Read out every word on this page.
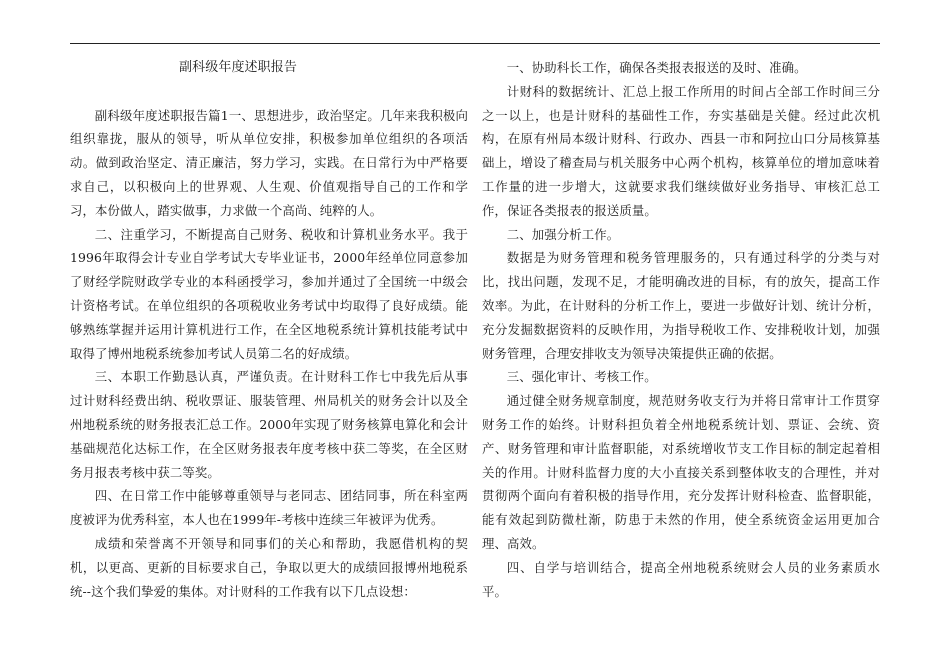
副科级年度述职报告

副科级年度述职报告篇1一、思想进步，政治坚定。几年来我积极向组织靠拢，服从的领导，听从单位安排，积极参加单位组织的各项活动。做到政治坚定、清正廉洁，努力学习，实践。在日常行为中严格要求自己，以积极向上的世界观、人生观、价值观指导自己的工作和学习，本份做人，踏实做事，力求做一个高尚、纯粹的人。

二、注重学习，不断提高自己财务、税收和计算机业务水平。我于1996年取得会计专业自学考试大专毕业证书，2000年经单位同意参加了财经学院财政学专业的本科函授学习，参加并通过了全国统一中级会计资格考试。在单位组织的各项税收业务考试中均取得了良好成绩。能够熟练掌握并运用计算机进行工作，在全区地税系统计算机技能考试中取得了博州地税系统参加考试人员第二名的好成绩。

三、本职工作勤恳认真，严谨负责。在计财科工作七中我先后从事过计财科经费出纳、税收票证、服装管理、州局机关的财务会计以及全州地税系统的财务报表汇总工作。2000年实现了财务核算电算化和会计基础规范化达标工作，在全区财务报表年度考核中获二等奖，在全区财务月报表考核中获二等奖。

四、在日常工作中能够尊重领导与老同志、团结同事，所在科室两度被评为优秀科室，本人也在1999年-考核中连续三年被评为优秀。

成绩和荣誉离不开领导和同事们的关心和帮助，我愿借机构的契机，以更高、更新的目标要求自己，争取以更大的成绩回报博州地税系统--这个我们挚爱的集体。对计财科的工作我有以下几点设想：

一、协助科长工作，确保各类报表报送的及时、准确。

计财科的数据统计、汇总上报工作所用的时间占全部工作时间三分之一以上，也是计财科的基础性工作，夯实基础是关健。经过此次机构，在原有州局本级计财科、行政办、西县一市和阿拉山口分局核算基础上，增设了稽查局与机关服务中心两个机构，核算单位的增加意味着工作量的进一步增大，这就要求我们继续做好业务指导、审核汇总工作，保证各类报表的报送质量。

二、加强分析工作。

数据是为财务管理和税务管理服务的，只有通过科学的分类与对比，找出问题，发现不足，才能明确改进的目标，有的放矢，提高工作效率。为此，在计财科的分析工作上，要进一步做好计划、统计分析，充分发掘数据资料的反映作用，为指导税收工作、安排税收计划，加强财务管理，合理安排收支为领导决策提供正确的依据。

三、强化审计、考核工作。

通过健全财务规章制度，规范财务收支行为并将日常审计工作贯穿财务工作的始终。计财科担负着全州地税系统计划、票证、会统、资产、财务管理和审计监督职能，对系统增收节支工作目标的制定起着相关的作用。计财科监督力度的大小直接关系到整体收支的合理性，并对贯彻两个面向有着积极的指导作用，充分发挥计财科检查、监督职能，能有效起到防微杜渐，防患于未然的作用，使全系统资金运用更加合理、高效。

四、自学与培训结合，提高全州地税系统财会人员的业务素质水平。
